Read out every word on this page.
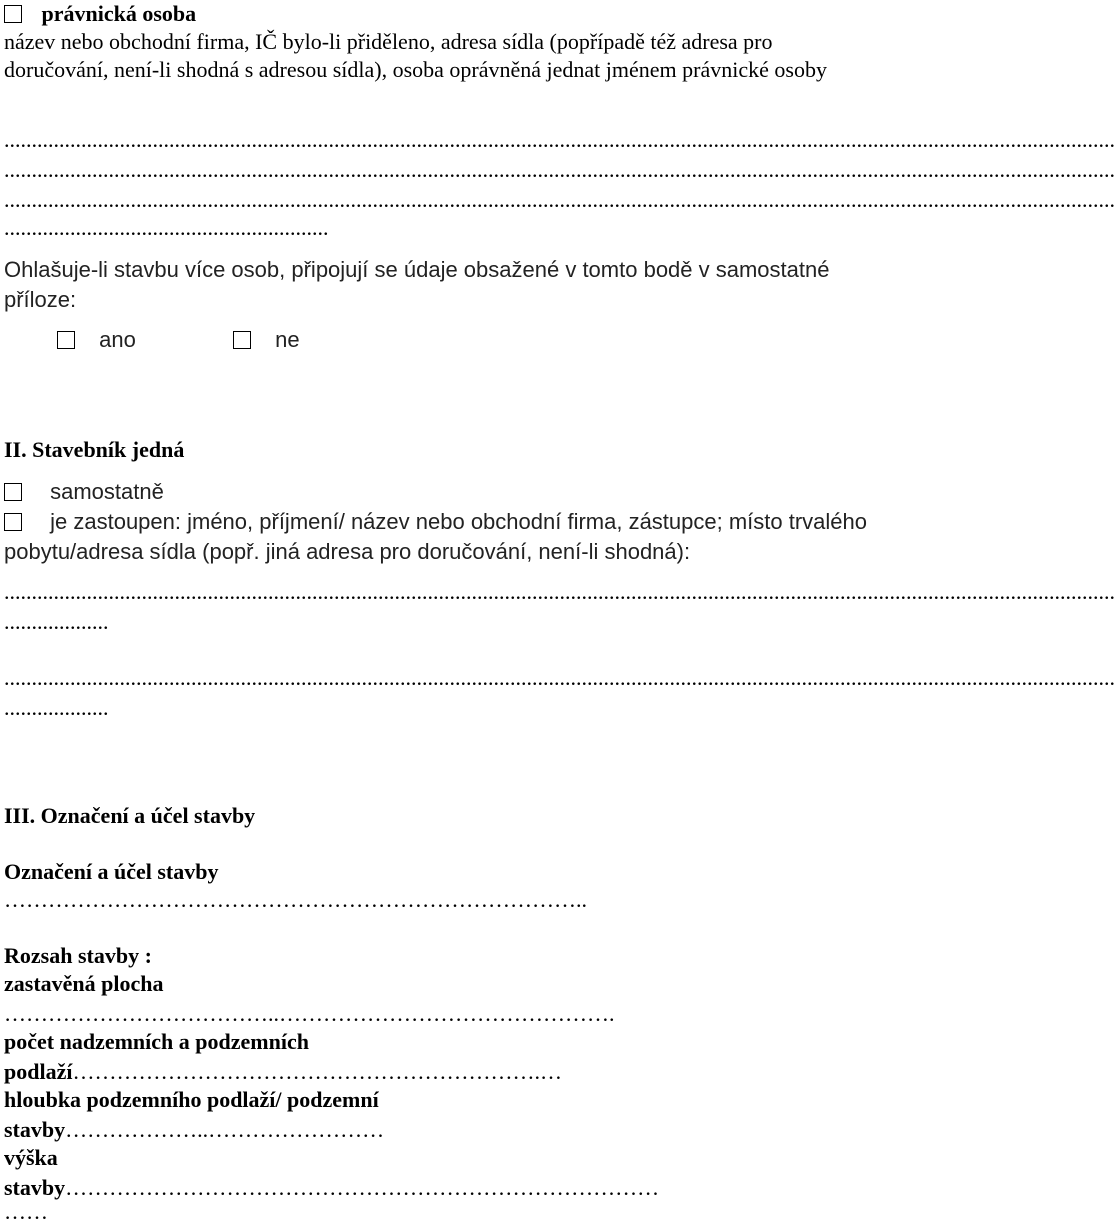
právnická osoba
název nebo obchodní firma, IČ bylo-li přiděleno, adresa sídla (popřípadě též adresa pro
doručování, není-li shodná s adresou sídla), osoba oprávněná jednat jménem právnické osoby
..........................................................................................................................................................................................................
..........................................................................................................................................................................................................
..........................................................................................................................................................................................................
...........................................................
Ohlašuje-li stavbu více osob, připojují se údaje obsažené v tomto bodě v samostatné
příloze:
ano	ne
II. Stavebník jedná
samostatně
je zastoupen: jméno, příjmení/ název nebo obchodní firma, zástupce; místo trvalého
pobytu/adresa sídla (popř. jiná adresa pro doručování, není-li shodná):
..........................................................................................................................................................................................................
...................
..........................................................................................................................................................................................................
...................
III. Označení a účel stavby
Označení a účel stavby
……………………………………………………………………..
Rozsah stavby :
zastavěná plocha
………………………………..……………………………………….
počet nadzemních a podzemních
podlaží……………………………………………………….…
hloubka podzemního podlaží/ podzemní
stavby………………..……………………
výška
stavby………………………………………………………………………
……
